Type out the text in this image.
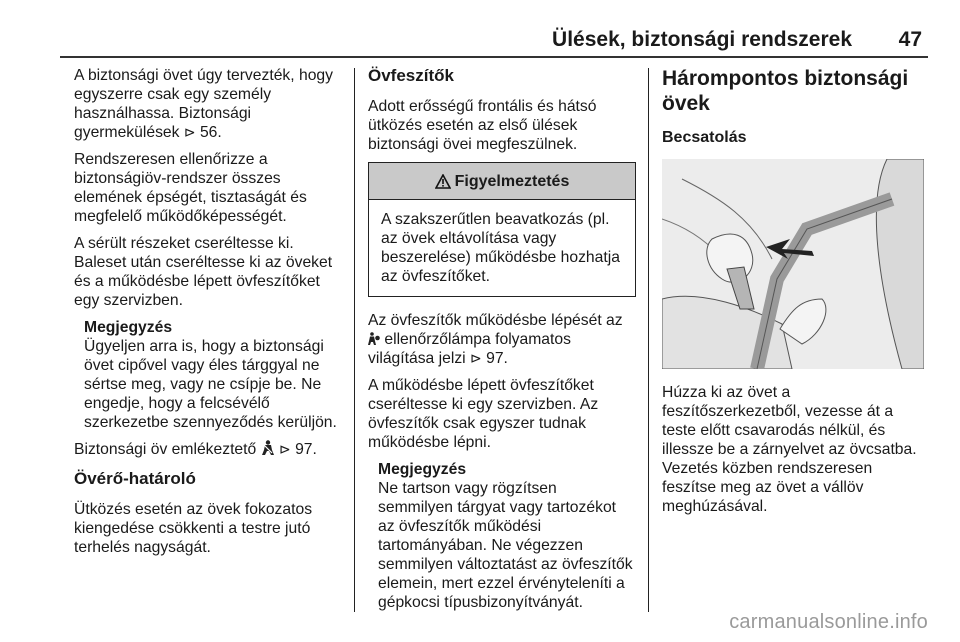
Ülések, biztonsági rendszerek 47

A biztonsági övet úgy tervezték, hogy egyszerre csak egy személy használhassa. Biztonsági gyermekülések ⊳ 56.

Rendszeresen ellenőrizze a biztonságiöv-rendszer összes elemének épségét, tisztaságát és megfelelő működőképességét.

A sérült részeket cseréltesse ki. Baleset után cseréltesse ki az öveket és a működésbe lépett övfeszítőket egy szervizben.

Megjegyzés
Ügyeljen arra is, hogy a biztonsági övet cipővel vagy éles tárggyal ne sértse meg, vagy ne csípje be. Ne engedje, hogy a felcsévélő szerkezetbe szennyeződés kerüljön.

Biztonsági öv emlékeztető ⊳ 97.

Övérő-határoló

Ütközés esetén az övek fokozatos kiengedése csökkenti a testre jutó terhelés nagyságát.

Övfeszítők

Adott erősségű frontális és hátsó ütközés esetén az első ülések biztonsági övei megfeszülnek.

Figyelmeztetés
A szakszerűtlen beavatkozás (pl. az övek eltávolítása vagy beszerelése) működésbe hozhatja az övfeszítőket.

Az övfeszítők működésbe lépését az
ellenőrzőlámpa folyamatos világítása jelzi ⊳ 97.

A működésbe lépett övfeszítőket cseréltesse ki egy szervizben. Az övfeszítők csak egyszer tudnak működésbe lépni.

Megjegyzés
Ne tartson vagy rögzítsen semmilyen tárgyat vagy tartozékot az övfeszítők működési tartományában. Ne végezzen semmilyen változtatást az övfeszítők elemein, mert ezzel érvényteleníti a gépkocsi típusbizonyítványát.
Hárompontos biztonsági övek
Becsatolás

Húzza ki az övet a feszítőszerkezetből, vezesse át a teste előtt csavarodás nélkül, és illessze be a zárnyelvet az övcsatba. Vezetés közben rendszeresen feszítse meg az övet a vállöv meghúzásával.

carmanualsonline.info
